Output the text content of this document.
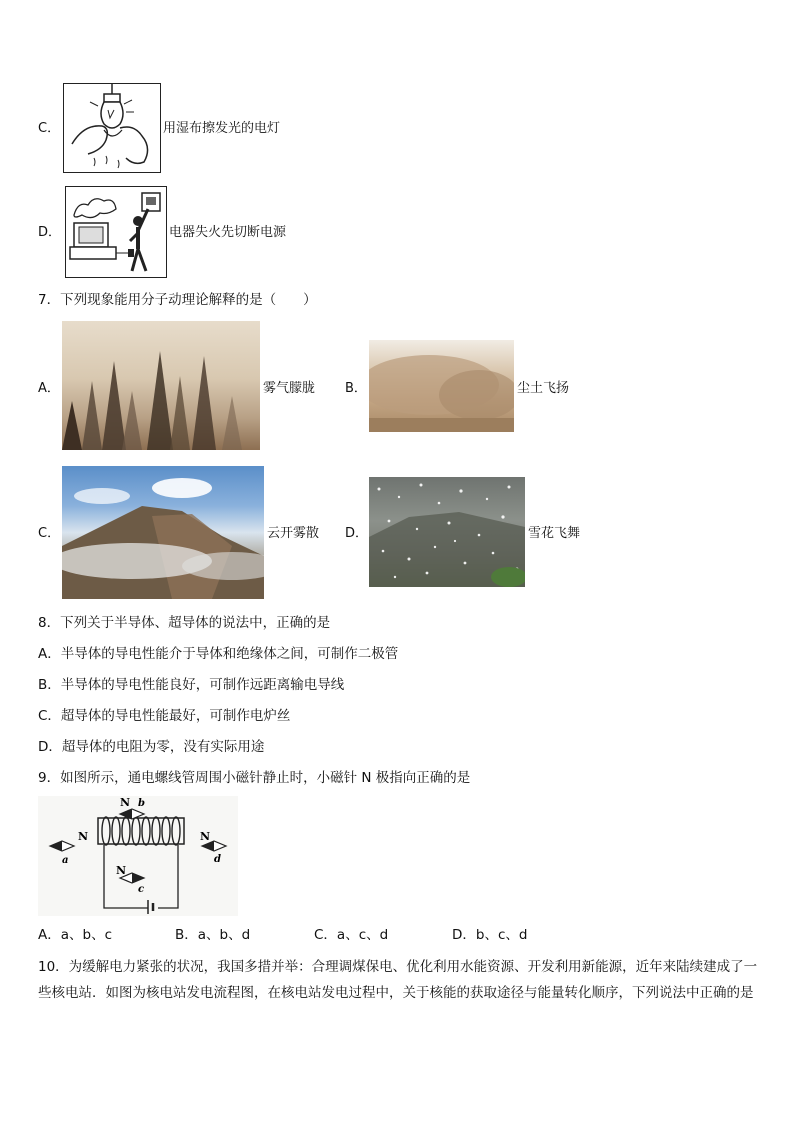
C．	用湿布擦发光的电灯
D．	电器失火先切断电源
7．下列现象能用分子动理论解释的是（　　）
A．	雾气朦胧 B．	尘土飞扬
C．	云开雾散 D．	雪花飞舞
8．下列关于半导体、超导体的说法中，正确的是
A．半导体的导电性能介于导体和绝缘体之间，可制作二极管
B．半导体的导电性能良好，可制作远距离输电导线
C．超导体的导电性能最好，可制作电炉丝
D．超导体的电阻为零，没有实际用途
9．如图所示，通电螺线管周围小磁针静止时，小磁针 N 极指向正确的是
N
N
N
N
a
b
c
d
A．a、b、c	B．a、b、d	C．a、c、d	D．b、c、d
10．为缓解电力紧张的状况，我国多措并举：合理调煤保电、优化利用水能资源、开发利用新能源，近年来陆续建成了一些核电站．如图为核电站发电流程图，在核电站发电过程中，关于核能的获取途径与能量转化顺序，下列说法中正确的是
